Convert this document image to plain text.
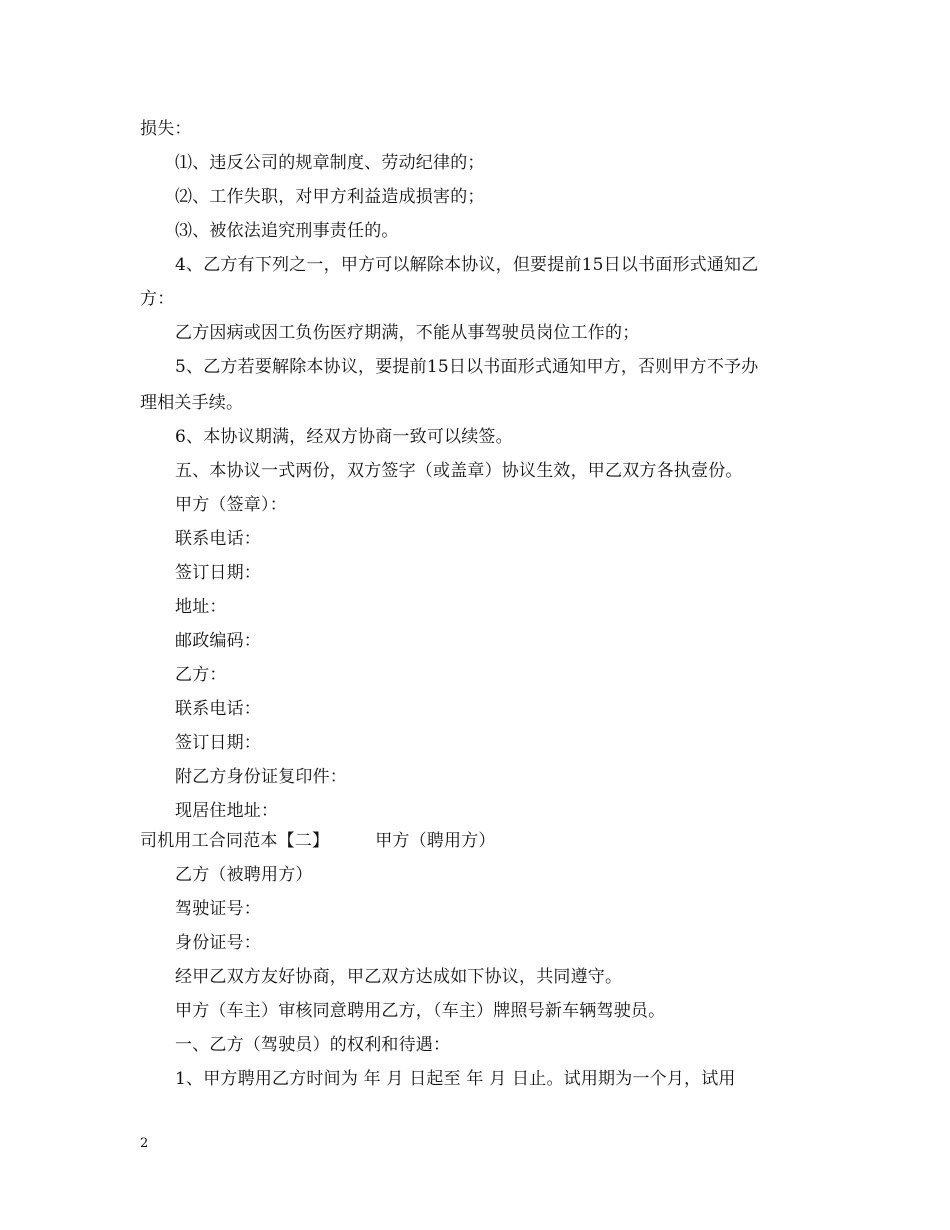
损失：
⑴、违反公司的规章制度、劳动纪律的；
⑵、工作失职，对甲方利益造成损害的；
⑶、被依法追究刑事责任的。
4、乙方有下列之一，甲方可以解除本协议，但要提前15日以书面形式通知乙
方：
乙方因病或因工负伤医疗期满，不能从事驾驶员岗位工作的；
5、乙方若要解除本协议，要提前15日以书面形式通知甲方，否则甲方不予办
理相关手续。
6、本协议期满，经双方协商一致可以续签。
五、本协议一式两份，双方签字（或盖章）协议生效，甲乙双方各执壹份。
甲方（签章）：
联系电话：
签订日期：
地址：
邮政编码：
乙方：
联系电话：
签订日期：
附乙方身份证复印件：
现居住地址：
司机用工合同范本【二】	甲方（聘用方）
乙方（被聘用方）
驾驶证号：
身份证号：
经甲乙双方友好协商，甲乙双方达成如下协议，共同遵守。
甲方（车主）审核同意聘用乙方，（车主）牌照号新车辆驾驶员。
一、乙方（驾驶员）的权利和待遇：
1、甲方聘用乙方时间为 年 月 日起至 年 月 日止。试用期为一个月，试用
2
